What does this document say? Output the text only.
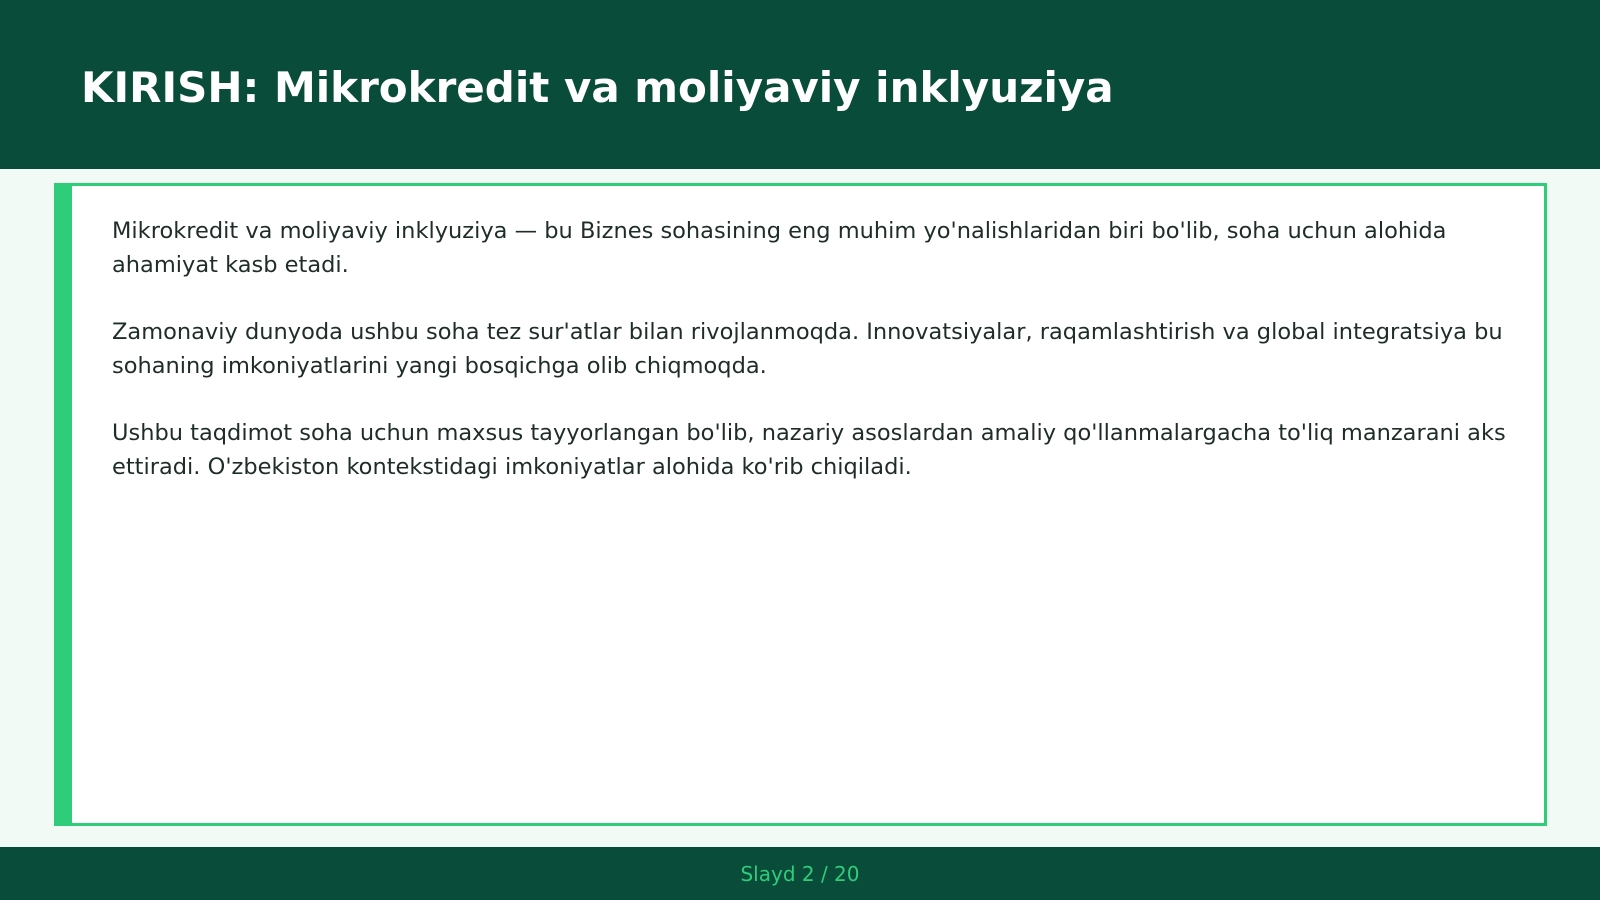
KIRISH: Mikrokredit va moliyaviy inklyuziya

Mikrokredit va moliyaviy inklyuziya — bu Biznes sohasining eng muhim yo'nalishlaridan biri bo'lib, soha uchun alohida ahamiyat kasb etadi.

Zamonaviy dunyoda ushbu soha tez sur'atlar bilan rivojlanmoqda. Innovatsiyalar, raqamlashtirish va global integratsiya bu sohaning imkoniyatlarini yangi bosqichga olib chiqmoqda.

Ushbu taqdimot soha uchun maxsus tayyorlangan bo'lib, nazariy asoslardan amaliy qo'llanmalargacha to'liq manzarani aks ettiradi. O'zbekiston kontekstidagi imkoniyatlar alohida ko'rib chiqiladi.

Slayd 2 / 20
